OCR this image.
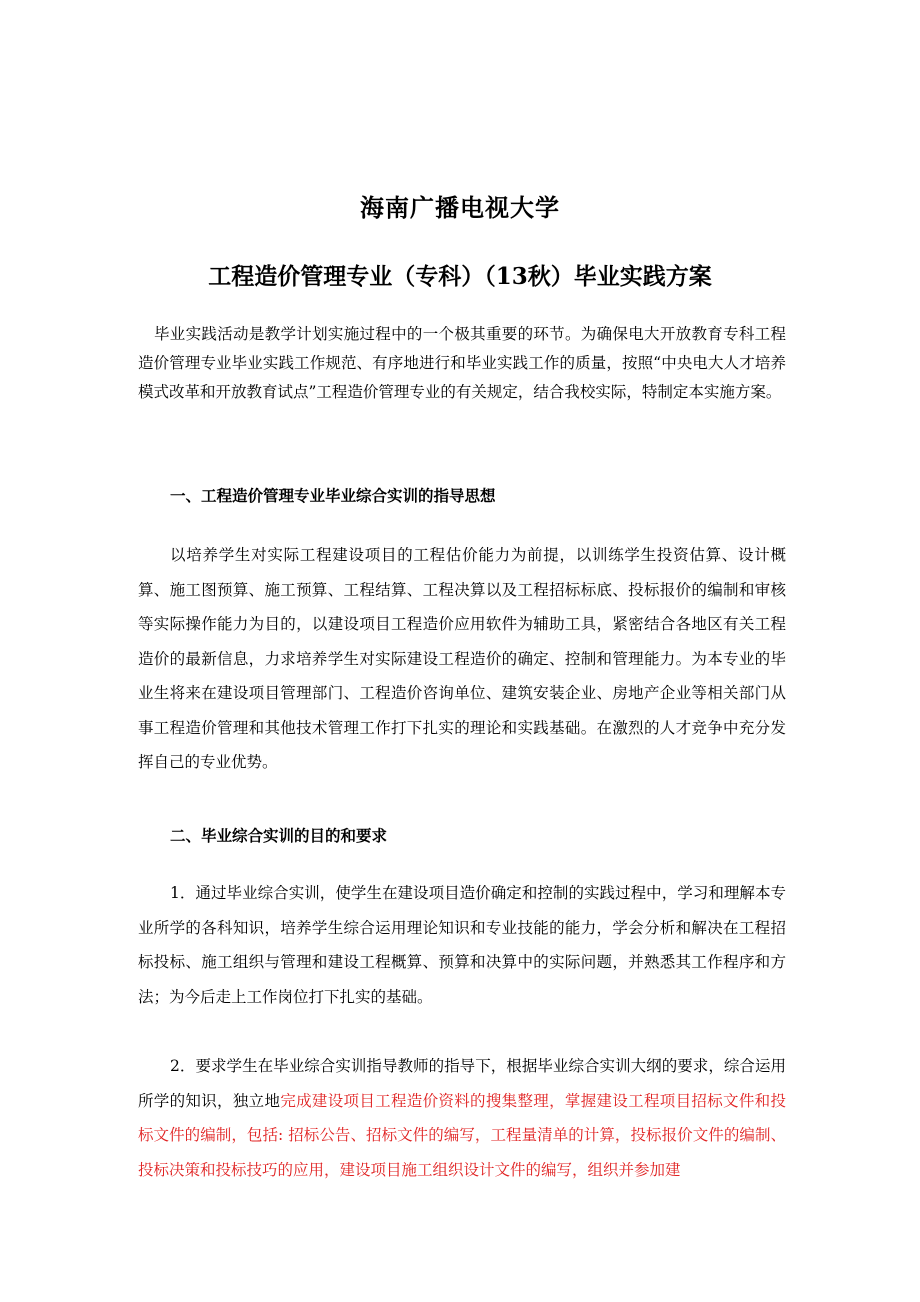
海南广播电视大学
工程造价管理专业（专科）（13秋）毕业实践方案
毕业实践活动是教学计划实施过程中的一个极其重要的环节。为确保电大开放教育专科工程造价管理专业毕业实践工作规范、有序地进行和毕业实践工作的质量，按照“中央电大人才培养模式改革和开放教育试点”工程造价管理专业的有关规定，结合我校实际，特制定本实施方案。
一、工程造价管理专业毕业综合实训的指导思想
以培养学生对实际工程建设项目的工程估价能力为前提，以训练学生投资估算、设计概算、施工图预算、施工预算、工程结算、工程决算以及工程招标标底、投标报价的编制和审核等实际操作能力为目的，以建设项目工程造价应用软件为辅助工具，紧密结合各地区有关工程造价的最新信息，力求培养学生对实际建设工程造价的确定、控制和管理能力。为本专业的毕业生将来在建设项目管理部门、工程造价咨询单位、建筑安装企业、房地产企业等相关部门从事工程造价管理和其他技术管理工作打下扎实的理论和实践基础。在激烈的人才竞争中充分发挥自己的专业优势。
二、毕业综合实训的目的和要求
1．通过毕业综合实训，使学生在建设项目造价确定和控制的实践过程中，学习和理解本专业所学的各科知识，培养学生综合运用理论知识和专业技能的能力，学会分析和解决在工程招标投标、施工组织与管理和建设工程概算、预算和决算中的实际问题，并熟悉其工作程序和方法；为今后走上工作岗位打下扎实的基础。
2．要求学生在毕业综合实训指导教师的指导下，根据毕业综合实训大纲的要求，综合运用所学的知识，独立地完成建设项目工程造价资料的搜集整理，掌握建设工程项目招标文件和投标文件的编制，包括: 招标公告、招标文件的编写，工程量清单的计算，投标报价文件的编制、投标决策和投标技巧的应用，建设项目施工组织设计文件的编写，组织并参加建
